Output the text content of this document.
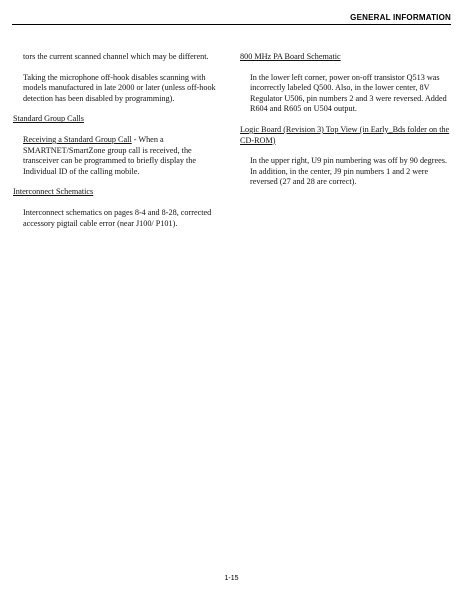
GENERAL INFORMATION

tors the current scanned channel which may be different.

Taking the microphone off-hook disables scanning with models manufactured in late 2000 or later (unless off-hook detection has been disabled by programming).

Standard Group Calls

Receiving a Standard Group Call - When a SMARTNET/SmartZone group call is received, the transceiver can be programmed to briefly display the Individual ID of the calling mobile.

Interconnect Schematics

Interconnect schematics on pages 8-4 and 8-28, corrected accessory pigtail cable error (near J100/ P101).

800 MHz PA Board Schematic

In the lower left corner, power on-off transistor Q513 was incorrectly labeled Q500. Also, in the lower center, 8V Regulator U506, pin numbers 2 and 3 were reversed. Added R604 and R605 on U504 output.

Logic Board (Revision 3) Top View (in Early_Bds folder on the CD-ROM)

In the upper right, U9 pin numbering was off by 90 degrees. In addition, in the center, J9 pin numbers 1 and 2 were reversed (27 and 28 are correct).

1-15
